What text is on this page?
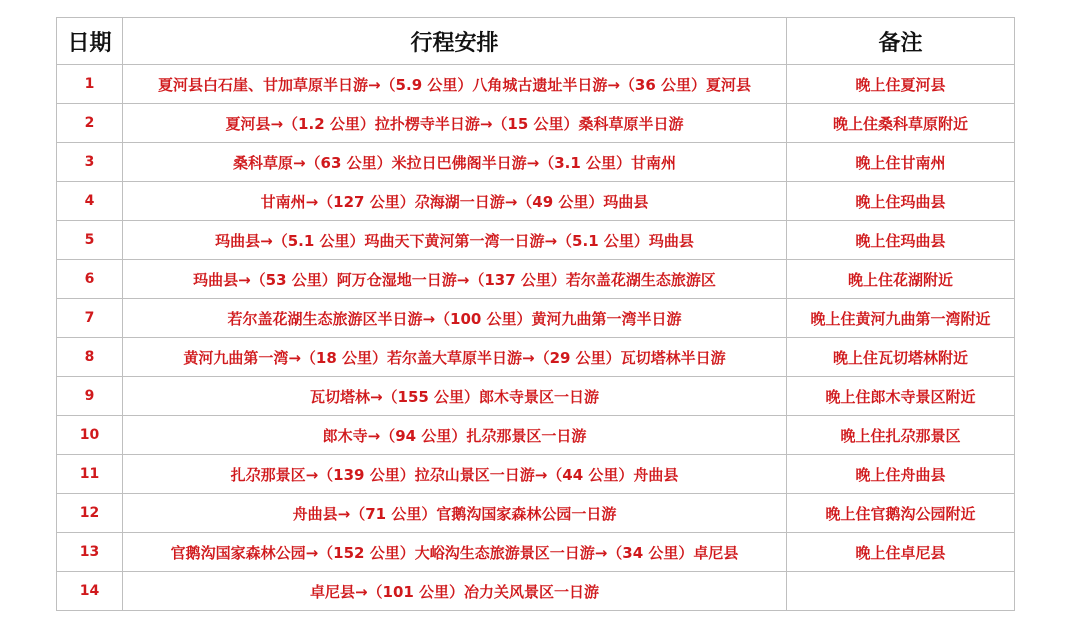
日期	行程安排	备注
1	夏河县白石崖、甘加草原半日游→（5.9 公里）八角城古遗址半日游→（36 公里）夏河县	晚上住夏河县
2	夏河县→（1.2 公里）拉扑楞寺半日游→（15 公里）桑科草原半日游	晚上住桑科草原附近
3	桑科草原→（63 公里）米拉日巴佛阁半日游→（3.1 公里）甘南州	晚上住甘南州
4	甘南州→（127 公里）尕海湖一日游→（49 公里）玛曲县	晚上住玛曲县
5	玛曲县→（5.1 公里）玛曲天下黄河第一湾一日游→（5.1 公里）玛曲县	晚上住玛曲县
6	玛曲县→（53 公里）阿万仓湿地一日游→（137 公里）若尔盖花湖生态旅游区	晚上住花湖附近
7	若尔盖花湖生态旅游区半日游→（100 公里）黄河九曲第一湾半日游	晚上住黄河九曲第一湾附近
8	黄河九曲第一湾→（18 公里）若尔盖大草原半日游→（29 公里）瓦切塔林半日游	晚上住瓦切塔林附近
9	瓦切塔林→（155 公里）郎木寺景区一日游	晚上住郎木寺景区附近
10	郎木寺→（94 公里）扎尕那景区一日游	晚上住扎尕那景区
11	扎尕那景区→（139 公里）拉尕山景区一日游→（44 公里）舟曲县	晚上住舟曲县
12	舟曲县→（71 公里）官鹅沟国家森林公园一日游	晚上住官鹅沟公园附近
13	官鹅沟国家森林公园→（152 公里）大峪沟生态旅游景区一日游→（34 公里）卓尼县	晚上住卓尼县
14	卓尼县→（101 公里）冶力关风景区一日游	
